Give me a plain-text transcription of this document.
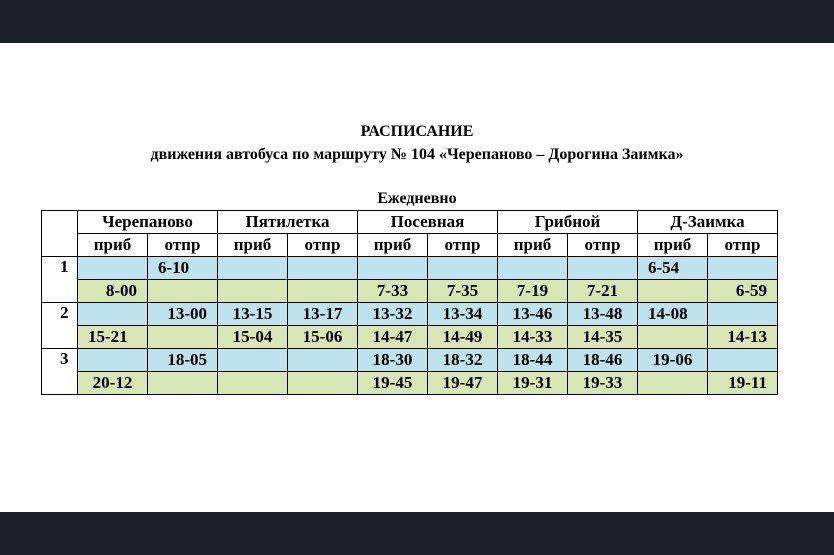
РАСПИСАНИЕ
движения автобуса по маршруту № 104 «Черепаново – Дорогина Заимка»
Ежедневно
	Черепаново		Пятилетка		Посевная		Грибной		Д-Заимка	
	приб	отпр	приб	отпр	приб	отпр	приб	отпр	приб	отпр
1		6-10							6-54	
	8-00				7-33	7-35	7-19	7-21		6-59
2		13-00	13-15	13-17	13-32	13-34	13-46	13-48	14-08	
	15-21		15-04	15-06	14-47	14-49	14-33	14-35		14-13
3		18-05			18-30	18-32	18-44	18-46	19-06	
	20-12				19-45	19-47	19-31	19-33		19-11
